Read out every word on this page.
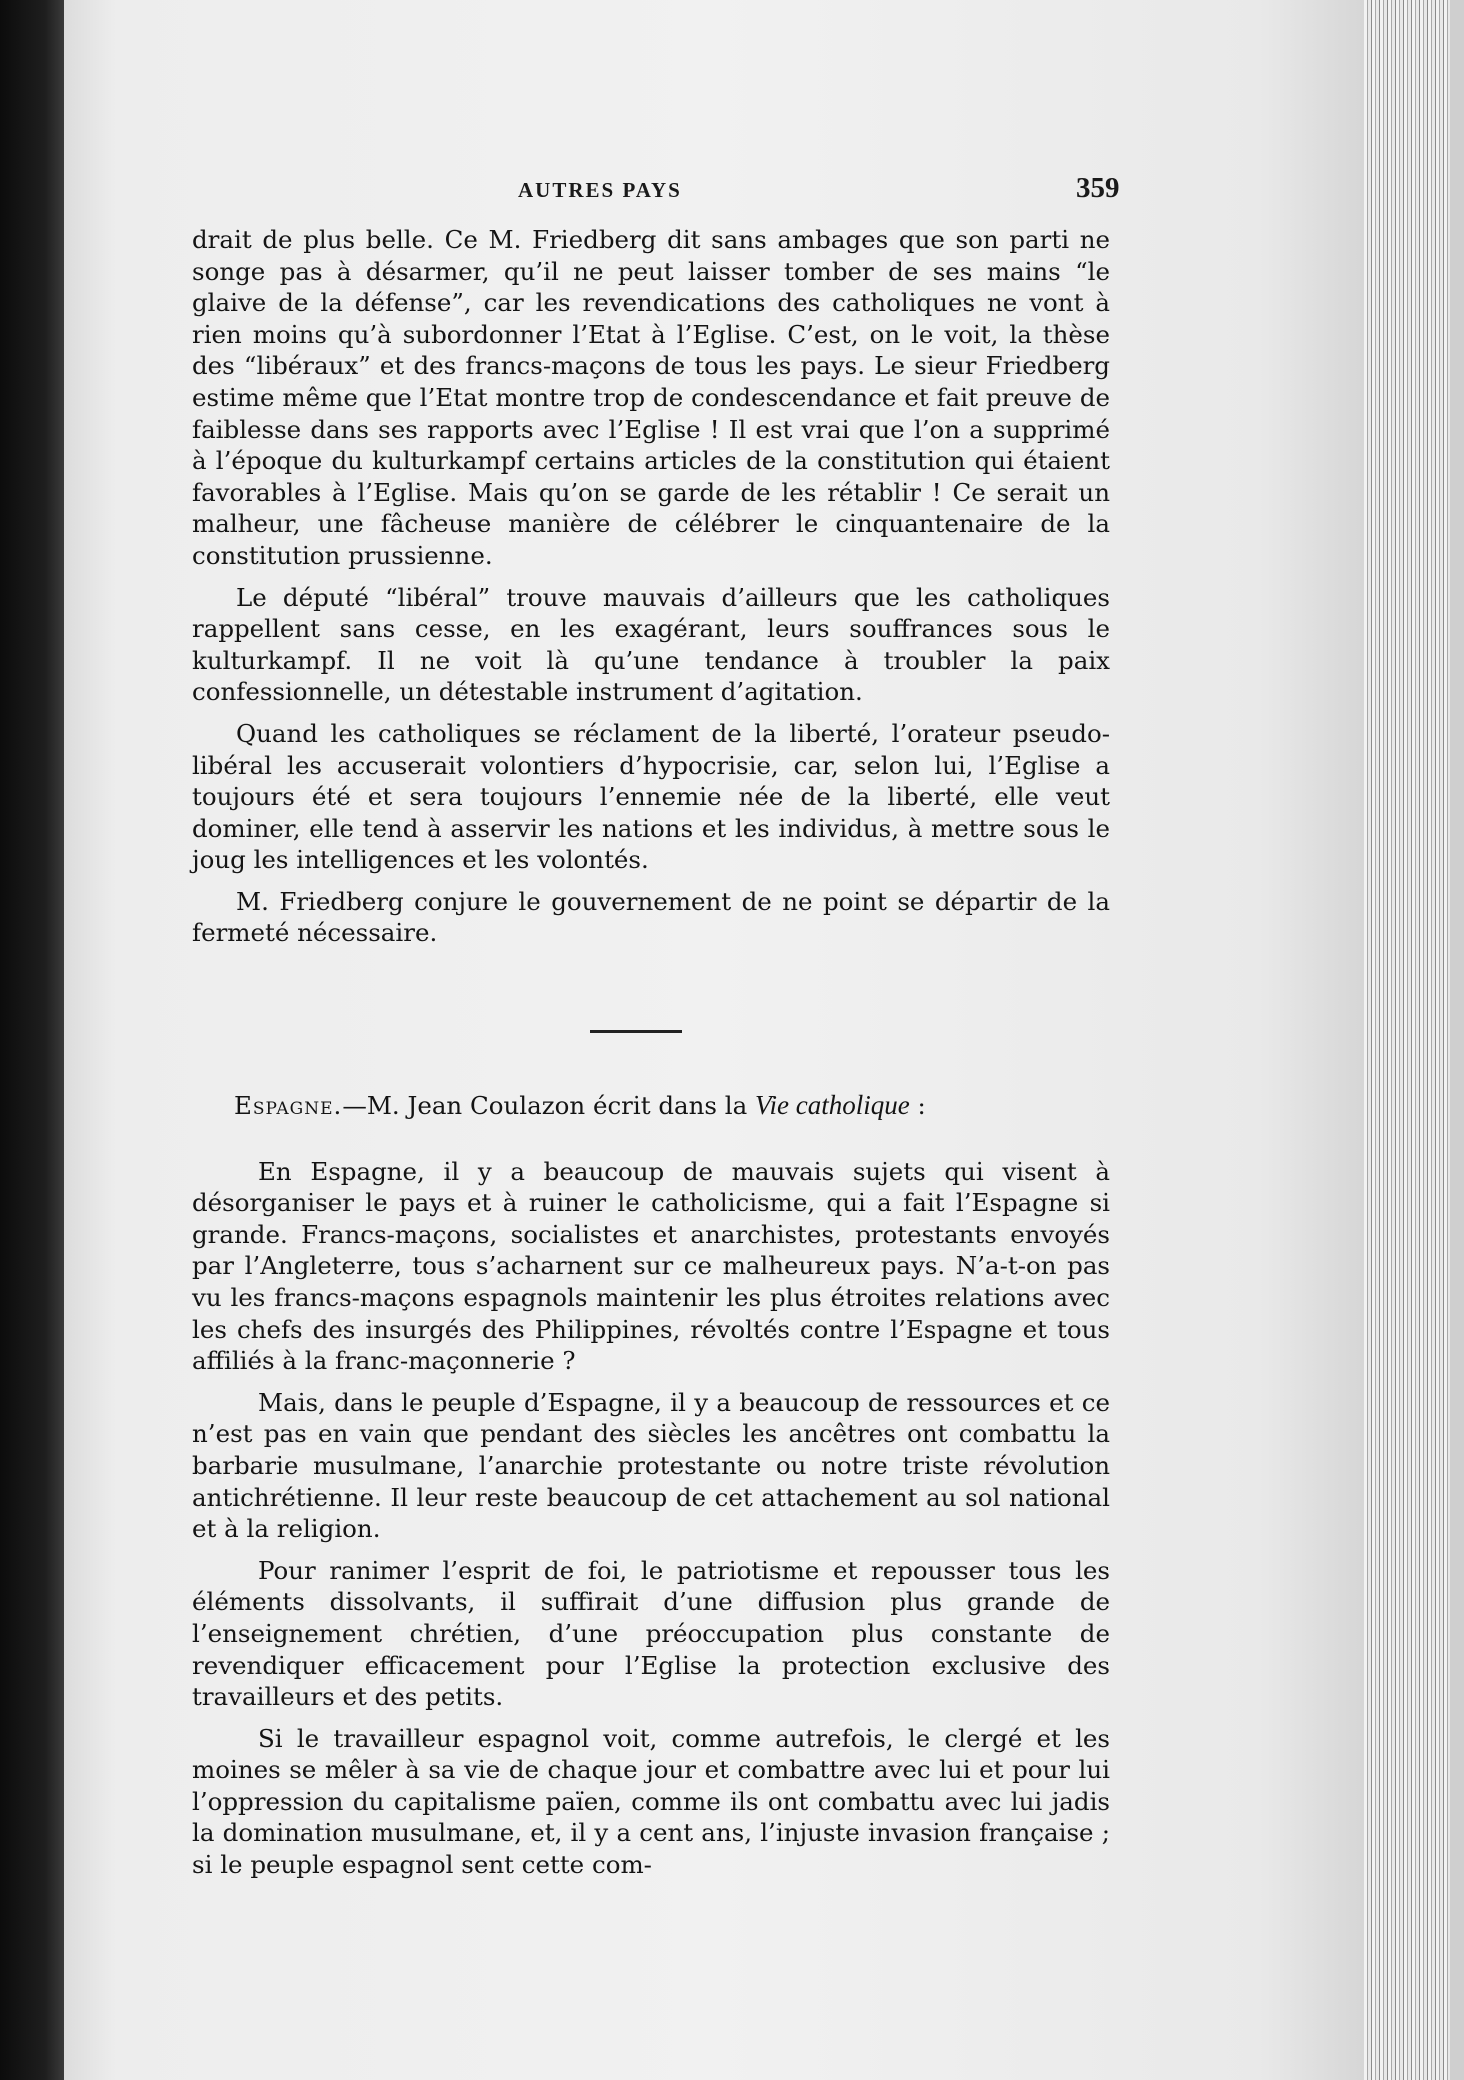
AUTRES PAYS	359

drait de plus belle. Ce M. Friedberg dit sans ambages que son parti ne songe pas à désarmer, qu’il ne peut laisser tomber de ses mains “le glaive de la défense”, car les revendications des catholiques ne vont à rien moins qu’à subordonner l’Etat à l’Eglise. C’est, on le voit, la thèse des “libéraux” et des francs-maçons de tous les pays. Le sieur Friedberg estime même que l’Etat montre trop de condescendance et fait preuve de faiblesse dans ses rapports avec l’Eglise ! Il est vrai que l’on a supprimé à l’époque du kulturkampf certains articles de la constitution qui étaient favorables à l’Eglise. Mais qu’on se garde de les rétablir ! Ce serait un malheur, une fâcheuse manière de célébrer le cinquantenaire de la constitution prussienne.

Le député “libéral” trouve mauvais d’ailleurs que les catholiques rappellent sans cesse, en les exagérant, leurs souffrances sous le kulturkampf. Il ne voit là qu’une tendance à troubler la paix confessionnelle, un détestable instrument d’agitation.

Quand les catholiques se réclament de la liberté, l’orateur pseudo-libéral les accuserait volontiers d’hypocrisie, car, selon lui, l’Eglise a toujours été et sera toujours l’ennemie née de la liberté, elle veut dominer, elle tend à asservir les nations et les individus, à mettre sous le joug les intelligences et les volontés.

M. Friedberg conjure le gouvernement de ne point se départir de la fermeté nécessaire.

Espagne.—M. Jean Coulazon écrit dans la Vie catholique :

En Espagne, il y a beaucoup de mauvais sujets qui visent à désorganiser le pays et à ruiner le catholicisme, qui a fait l’Espagne si grande. Francs-maçons, socialistes et anarchistes, protestants envoyés par l’Angleterre, tous s’acharnent sur ce malheureux pays. N’a-t-on pas vu les francs-maçons espagnols maintenir les plus étroites relations avec les chefs des insurgés des Philippines, révoltés contre l’Espagne et tous affiliés à la franc-maçonnerie ?

Mais, dans le peuple d’Espagne, il y a beaucoup de ressources et ce n’est pas en vain que pendant des siècles les ancêtres ont combattu la barbarie musulmane, l’anarchie protestante ou notre triste révolution antichrétienne. Il leur reste beaucoup de cet attachement au sol national et à la religion.

Pour ranimer l’esprit de foi, le patriotisme et repousser tous les éléments dissolvants, il suffirait d’une diffusion plus grande de l’enseignement chrétien, d’une préoccupation plus constante de revendiquer efficacement pour l’Eglise la protection exclusive des travailleurs et des petits.

Si le travailleur espagnol voit, comme autrefois, le clergé et les moines se mêler à sa vie de chaque jour et combattre avec lui et pour lui l’oppression du capitalisme païen, comme ils ont combattu avec lui jadis la domination musulmane, et, il y a cent ans, l’injuste invasion française ; si le peuple espagnol sent cette com-
